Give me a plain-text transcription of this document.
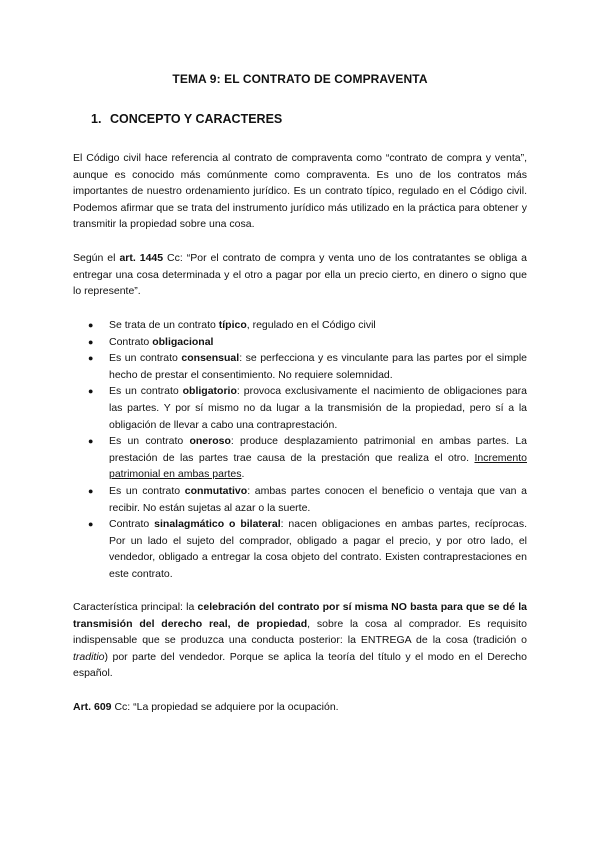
TEMA 9: EL CONTRATO DE COMPRAVENTA
1. CONCEPTO Y CARACTERES
El Código civil hace referencia al contrato de compraventa como “contrato de compra y venta”, aunque es conocido más comúnmente como compraventa. Es uno de los contratos más importantes de nuestro ordenamiento jurídico. Es un contrato típico, regulado en el Código civil. Podemos afirmar que se trata del instrumento jurídico más utilizado en la práctica para obtener y transmitir la propiedad sobre una cosa.
Según el art. 1445 Cc: “Por el contrato de compra y venta uno de los contratantes se obliga a entregar una cosa determinada y el otro a pagar por ella un precio cierto, en dinero o signo que lo represente”.
● Se trata de un contrato típico, regulado en el Código civil
● Contrato obligacional
● Es un contrato consensual: se perfecciona y es vinculante para las partes por el simple hecho de prestar el consentimiento. No requiere solemnidad.
● Es un contrato obligatorio: provoca exclusivamente el nacimiento de obligaciones para las partes. Y por sí mismo no da lugar a la transmisión de la propiedad, pero sí a la obligación de llevar a cabo una contraprestación.
● Es un contrato oneroso: produce desplazamiento patrimonial en ambas partes. La prestación de las partes trae causa de la prestación que realiza el otro. Incremento patrimonial en ambas partes.
● Es un contrato conmutativo: ambas partes conocen el beneficio o ventaja que van a recibir. No están sujetas al azar o la suerte.
● Contrato sinalagmático o bilateral: nacen obligaciones en ambas partes, recíprocas. Por un lado el sujeto del comprador, obligado a pagar el precio, y por otro lado, el vendedor, obligado a entregar la cosa objeto del contrato. Existen contraprestaciones en este contrato.
Característica principal: la celebración del contrato por sí misma NO basta para que se dé la transmisión del derecho real, de propiedad, sobre la cosa al comprador. Es requisito indispensable que se produzca una conducta posterior: la ENTREGA de la cosa (tradición o traditio) por parte del vendedor. Porque se aplica la teoría del título y el modo en el Derecho español.
Art. 609 Cc: “La propiedad se adquiere por la ocupación.
